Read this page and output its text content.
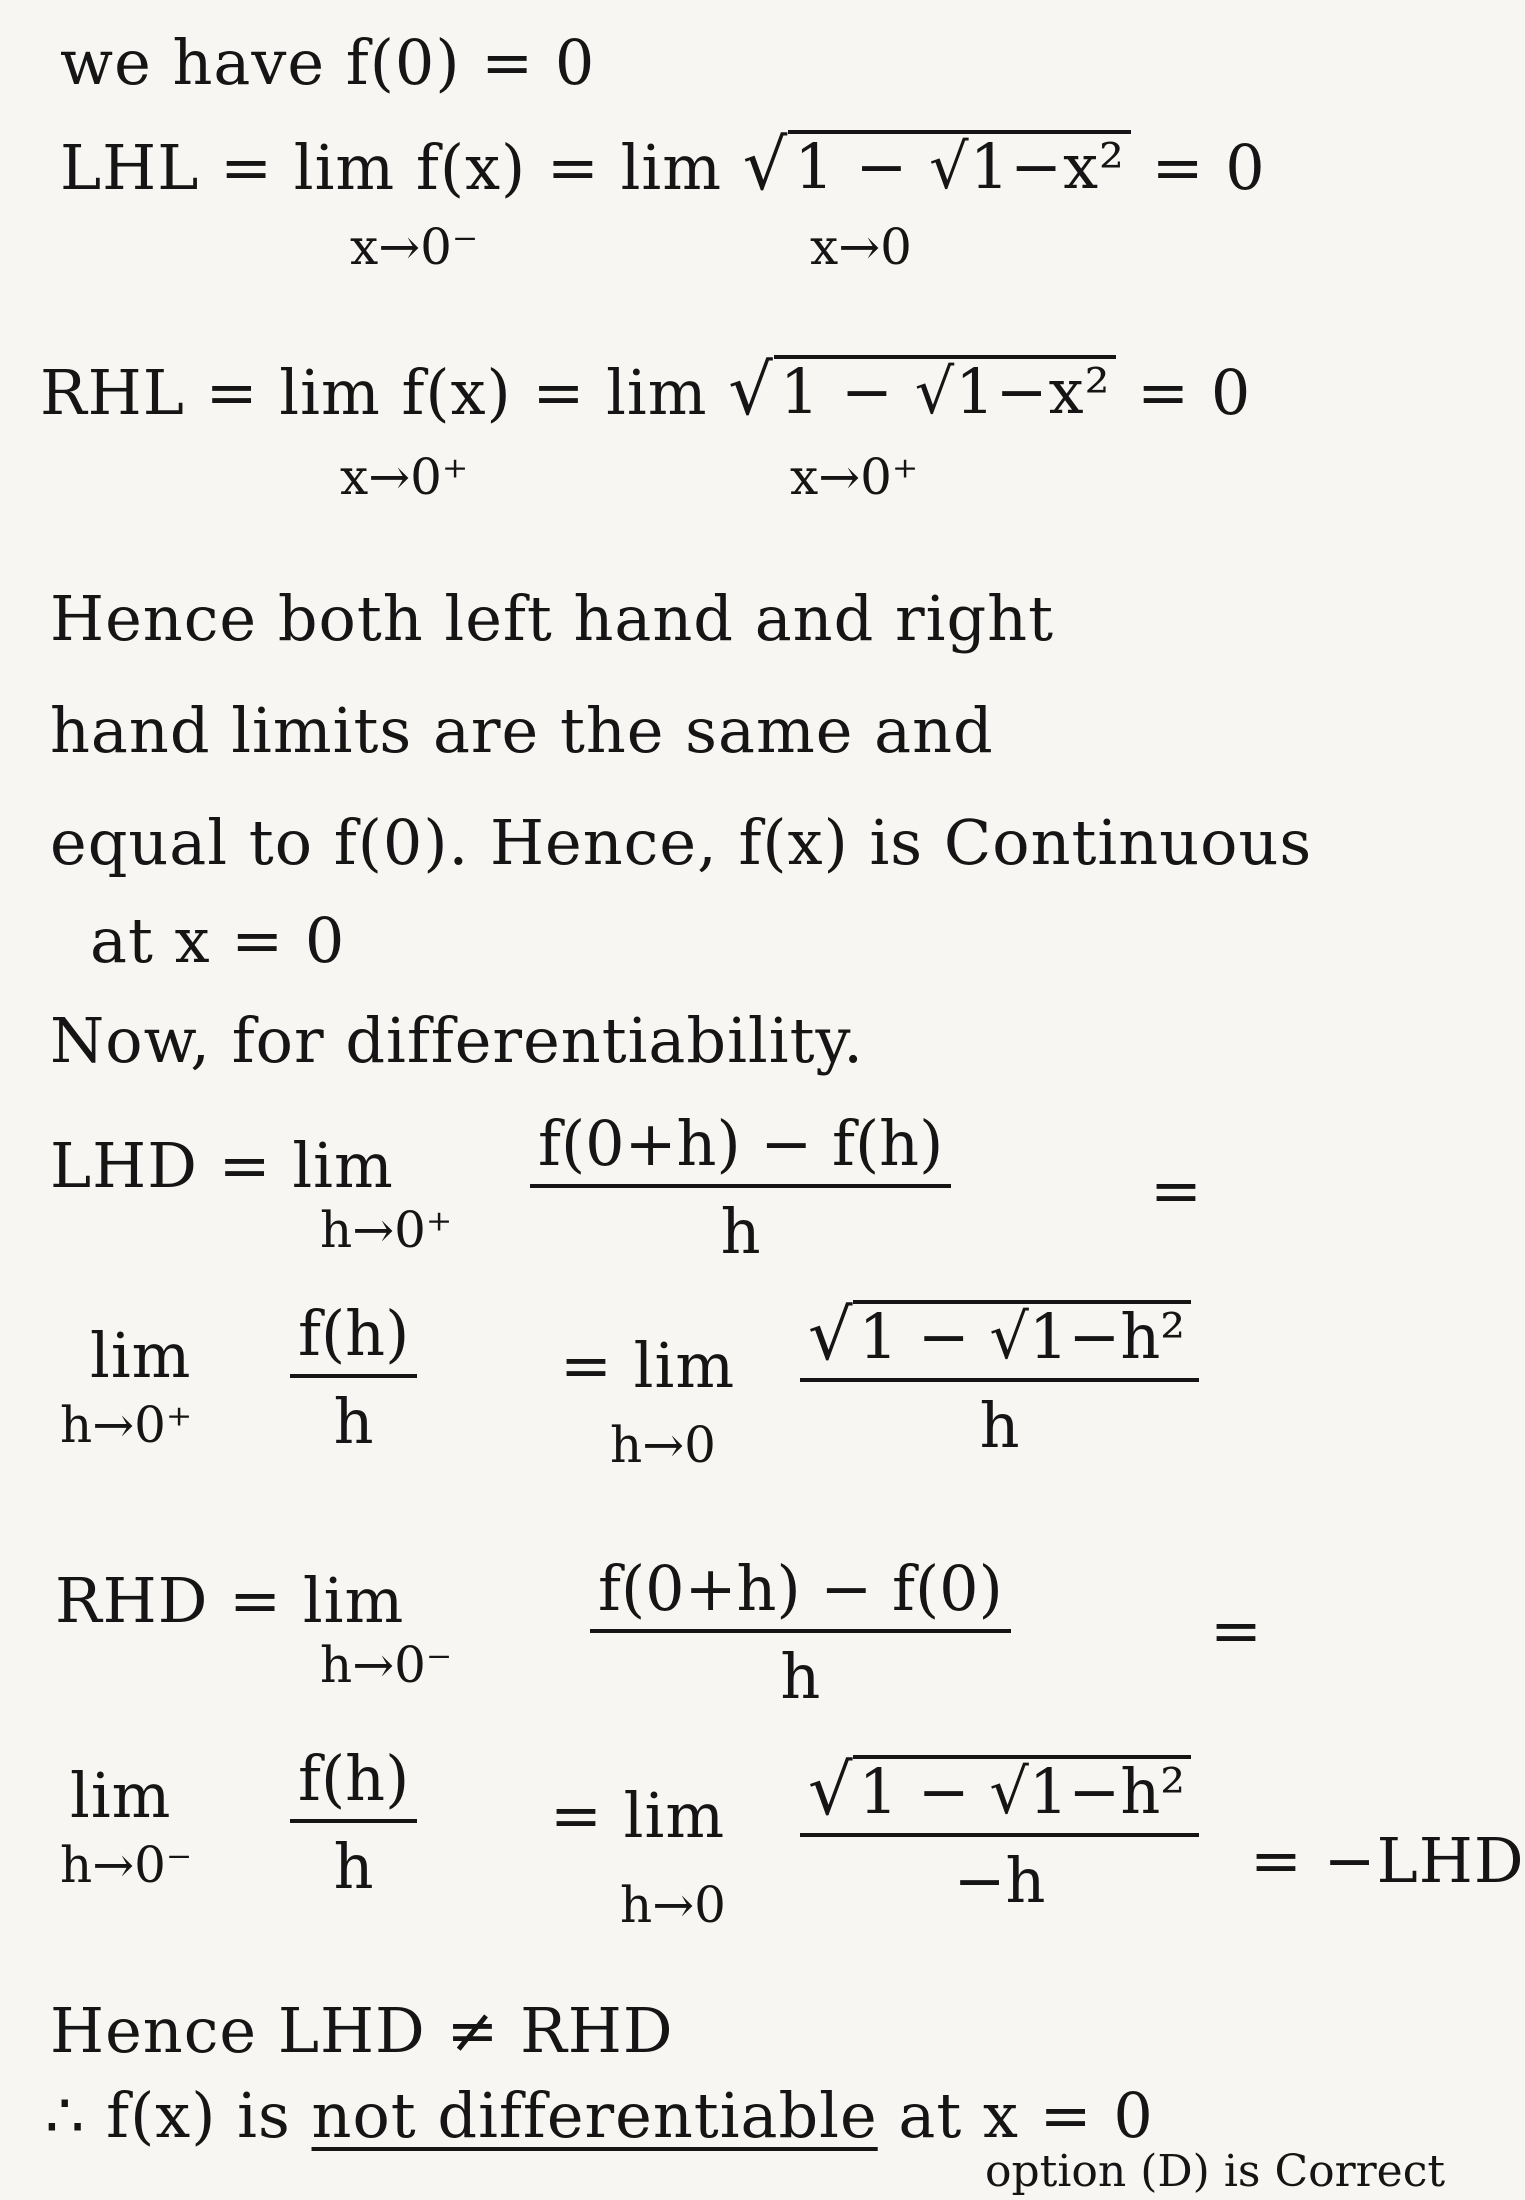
we have f(0) = 0
LHL = lim f(x) = lim √ 1 − √1−x² = 0
x→0⁻	x→0
RHL = lim f(x) = lim √ 1 − √1−x² = 0
x→0⁺	x→0⁺
Hence both left hand and right
hand limits are the same and
equal to f(0). Hence, f(x) is Continuous
at x = 0
Now, for differentiability.
LHD = lim
$h\to 0^+ \frac{f(0+h) - f(h)}{h}$	=
lim
$h\to 0^+ \frac{f(h)}{h} = \lim$
$h\to 0 \frac{\text{√ 1 − √1−h²}}{h}$
RHD = lim
$h\to 0^- \frac{f(0+h) - f(0)}{h}$	=
lim
$h\to 0^- \frac{f(h)}{h} = \lim$
$h\to 0 \frac{\text{√ 1 − √1−h²}}{-h} = -LHD$
Hence LHD ≠ RHD
∴ f(x) is not differentiable at x = 0
option (D) is Correct
